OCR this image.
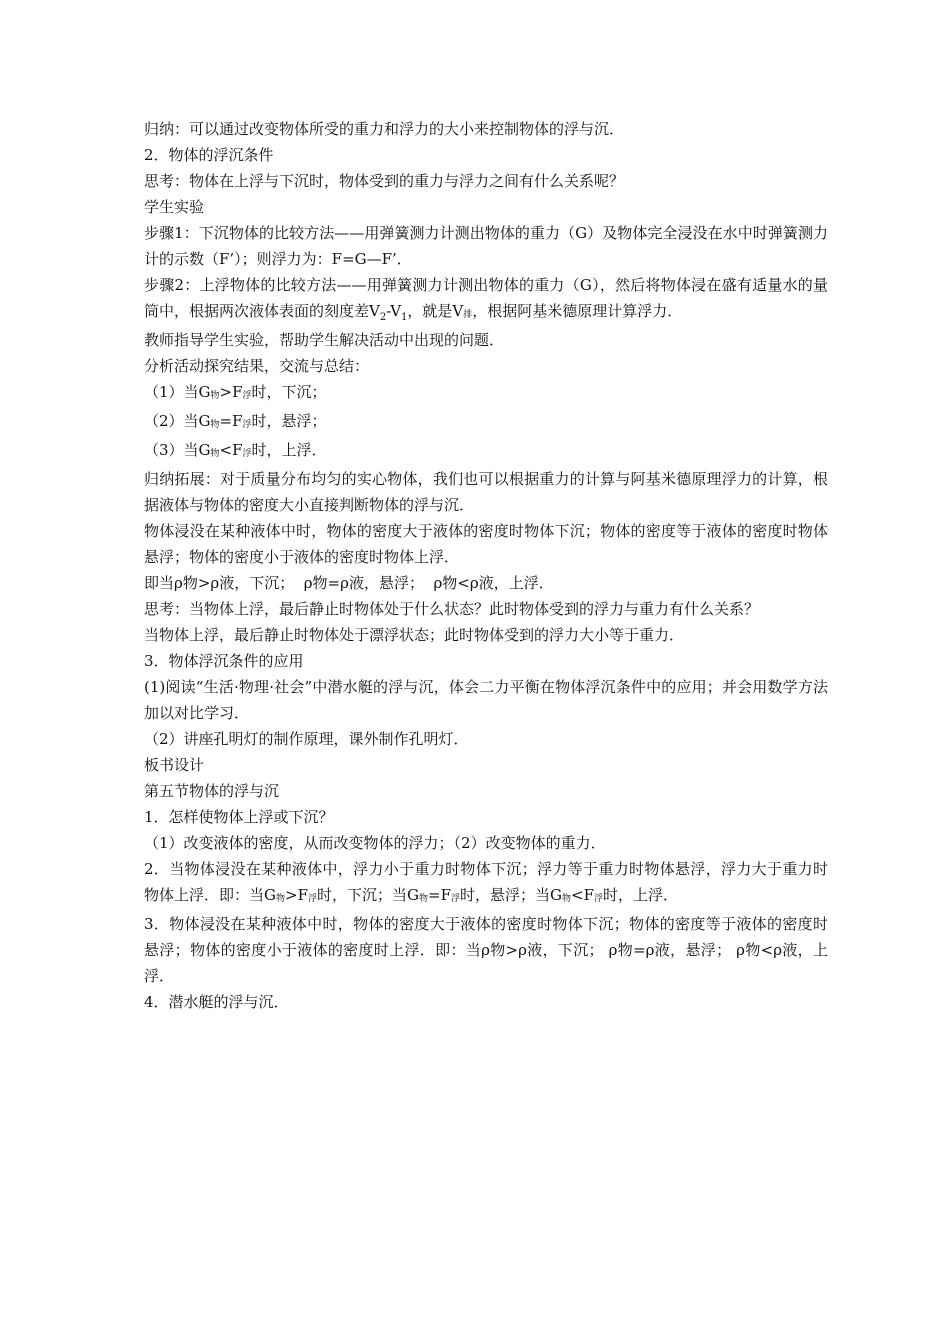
归纳：可以通过改变物体所受的重力和浮力的大小来控制物体的浮与沉．

2．物体的浮沉条件

思考：物体在上浮与下沉时，物体受到的重力与浮力之间有什么关系呢？

学生实验

步骤1：下沉物体的比较方法——用弹簧测力计测出物体的重力（G）及物体完全浸没在水中时弹簧测力计的示数（F’）；则浮力为：F=G—F’．

步骤2：上浮物体的比较方法——用弹簧测力计测出物体的重力（G），然后将物体浸在盛有适量水的量筒中，根据两次液体表面的刻度差$V_2-V_1$，就是V排，根据阿基米德原理计算浮力．

教师指导学生实验，帮助学生解决活动中出现的问题．

分析活动探究结果，交流与总结：

（1）当G物>F浮时，下沉；

（2）当G物=F浮时，悬浮；

（3）当G物<F浮时，上浮．

归纳拓展：对于质量分布均匀的实心物体，我们也可以根据重力的计算与阿基米德原理浮力的计算，根据液体与物体的密度大小直接判断物体的浮与沉．

物体浸没在某种液体中时，物体的密度大于液体的密度时物体下沉；物体的密度等于液体的密度时物体悬浮；物体的密度小于液体的密度时物体上浮．

即当ρ物>ρ液，下沉；  ρ物=ρ液，悬浮；  ρ物<ρ液，上浮．

思考：当物体上浮，最后静止时物体处于什么状态？此时物体受到的浮力与重力有什么关系？

当物体上浮，最后静止时物体处于漂浮状态；此时物体受到的浮力大小等于重力．

3．物体浮沉条件的应用

(1)阅读“生活·物理·社会”中潜水艇的浮与沉，体会二力平衡在物体浮沉条件中的应用；并会用数学方法加以对比学习．

（2）讲座孔明灯的制作原理，课外制作孔明灯．

板书设计

第五节物体的浮与沉

1．怎样使物体上浮或下沉？

（1）改变液体的密度，从而改变物体的浮力；（2）改变物体的重力．

2．当物体浸没在某种液体中，浮力小于重力时物体下沉；浮力等于重力时物体悬浮，浮力大于重力时物体上浮．即：当G物>F浮时，下沉；当G物=F浮时，悬浮；当G物<F浮时，上浮．

3．物体浸没在某种液体中时，物体的密度大于液体的密度时物体下沉；物体的密度等于液体的密度时悬浮；物体的密度小于液体的密度时上浮．即：当ρ物>ρ液，下沉； ρ物=ρ液，悬浮； ρ物<ρ液，上浮．

4．潜水艇的浮与沉．
